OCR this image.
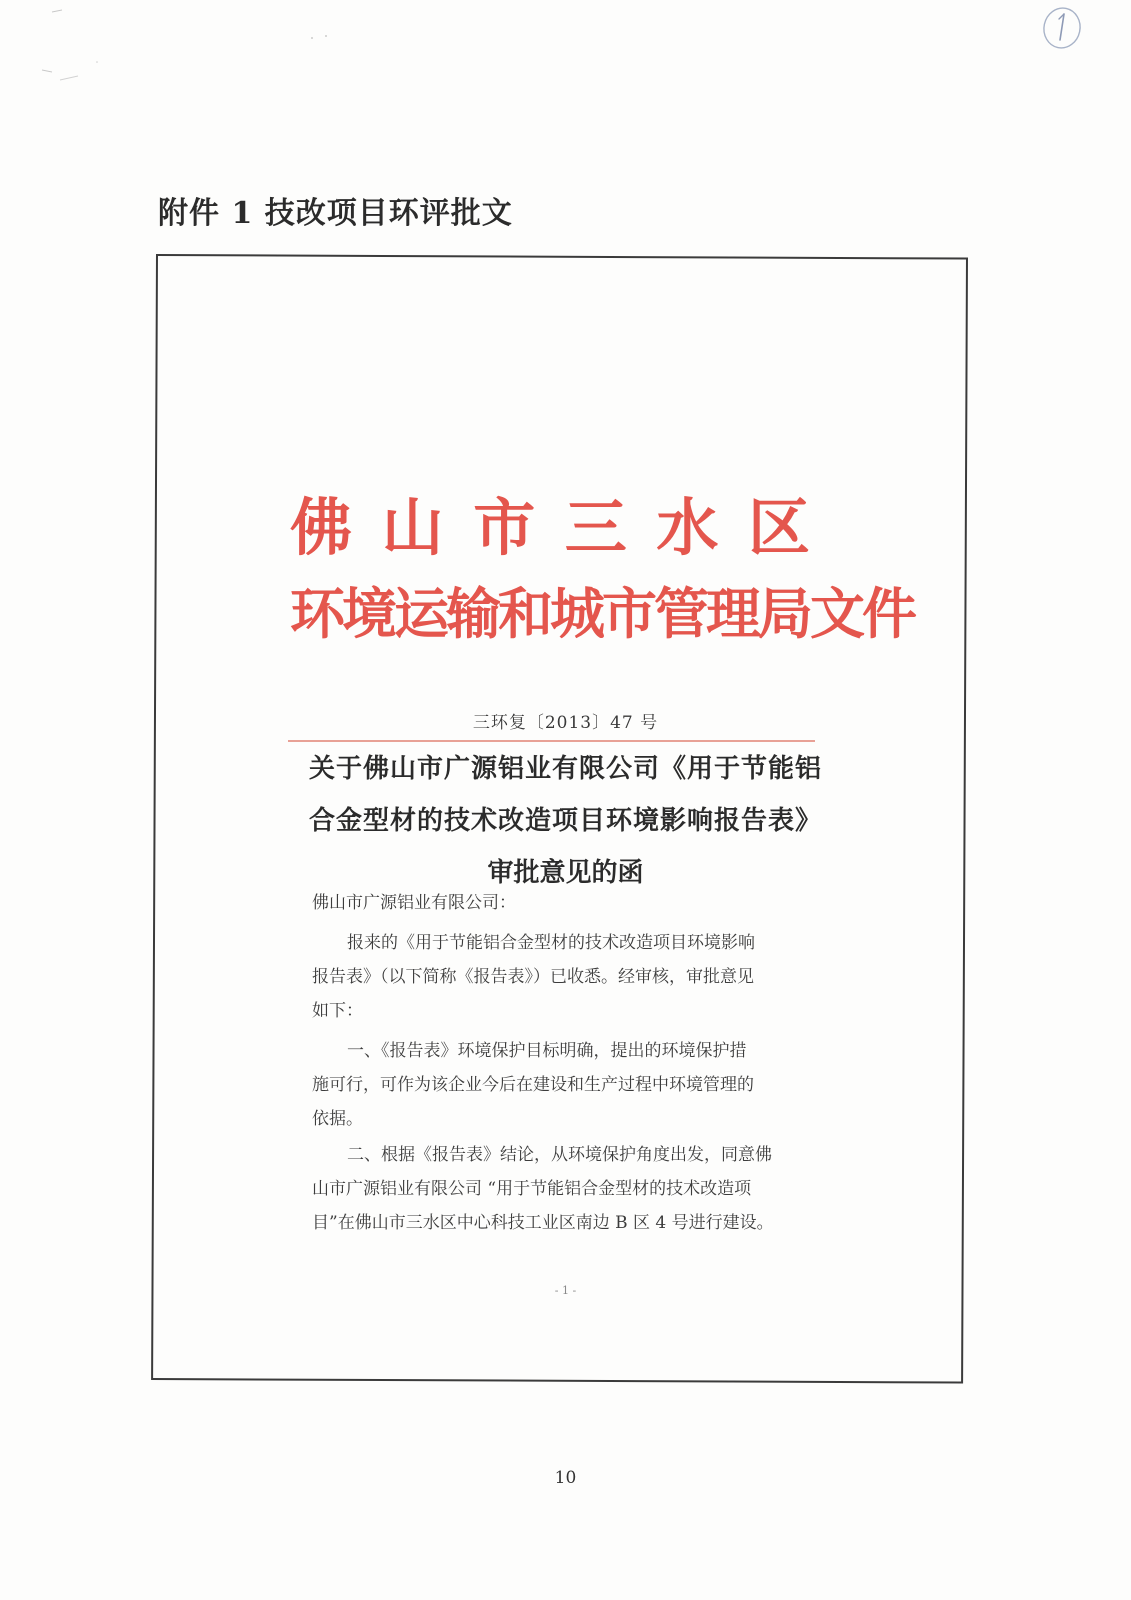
附件 1 技改项目环评批文
佛 山 市 三 水 区
环境运输和城市管理局文件
三环复〔2013〕47 号
关于佛山市广源铝业有限公司《用于节能铝
合金型材的技术改造项目环境影响报告表》
审批意见的函
佛山市广源铝业有限公司：
报来的《用于节能铝合金型材的技术改造项目环境影响
报告表》（以下简称《报告表》）已收悉。经审核，审批意见
如下：
一、《报告表》环境保护目标明确，提出的环境保护措
施可行，可作为该企业今后在建设和生产过程中环境管理的
依据。
二、根据《报告表》结论，从环境保护角度出发，同意佛
山市广源铝业有限公司 “用于节能铝合金型材的技术改造项
目”在佛山市三水区中心科技工业区南边 B 区 4 号进行建设。
- 1 -
10
